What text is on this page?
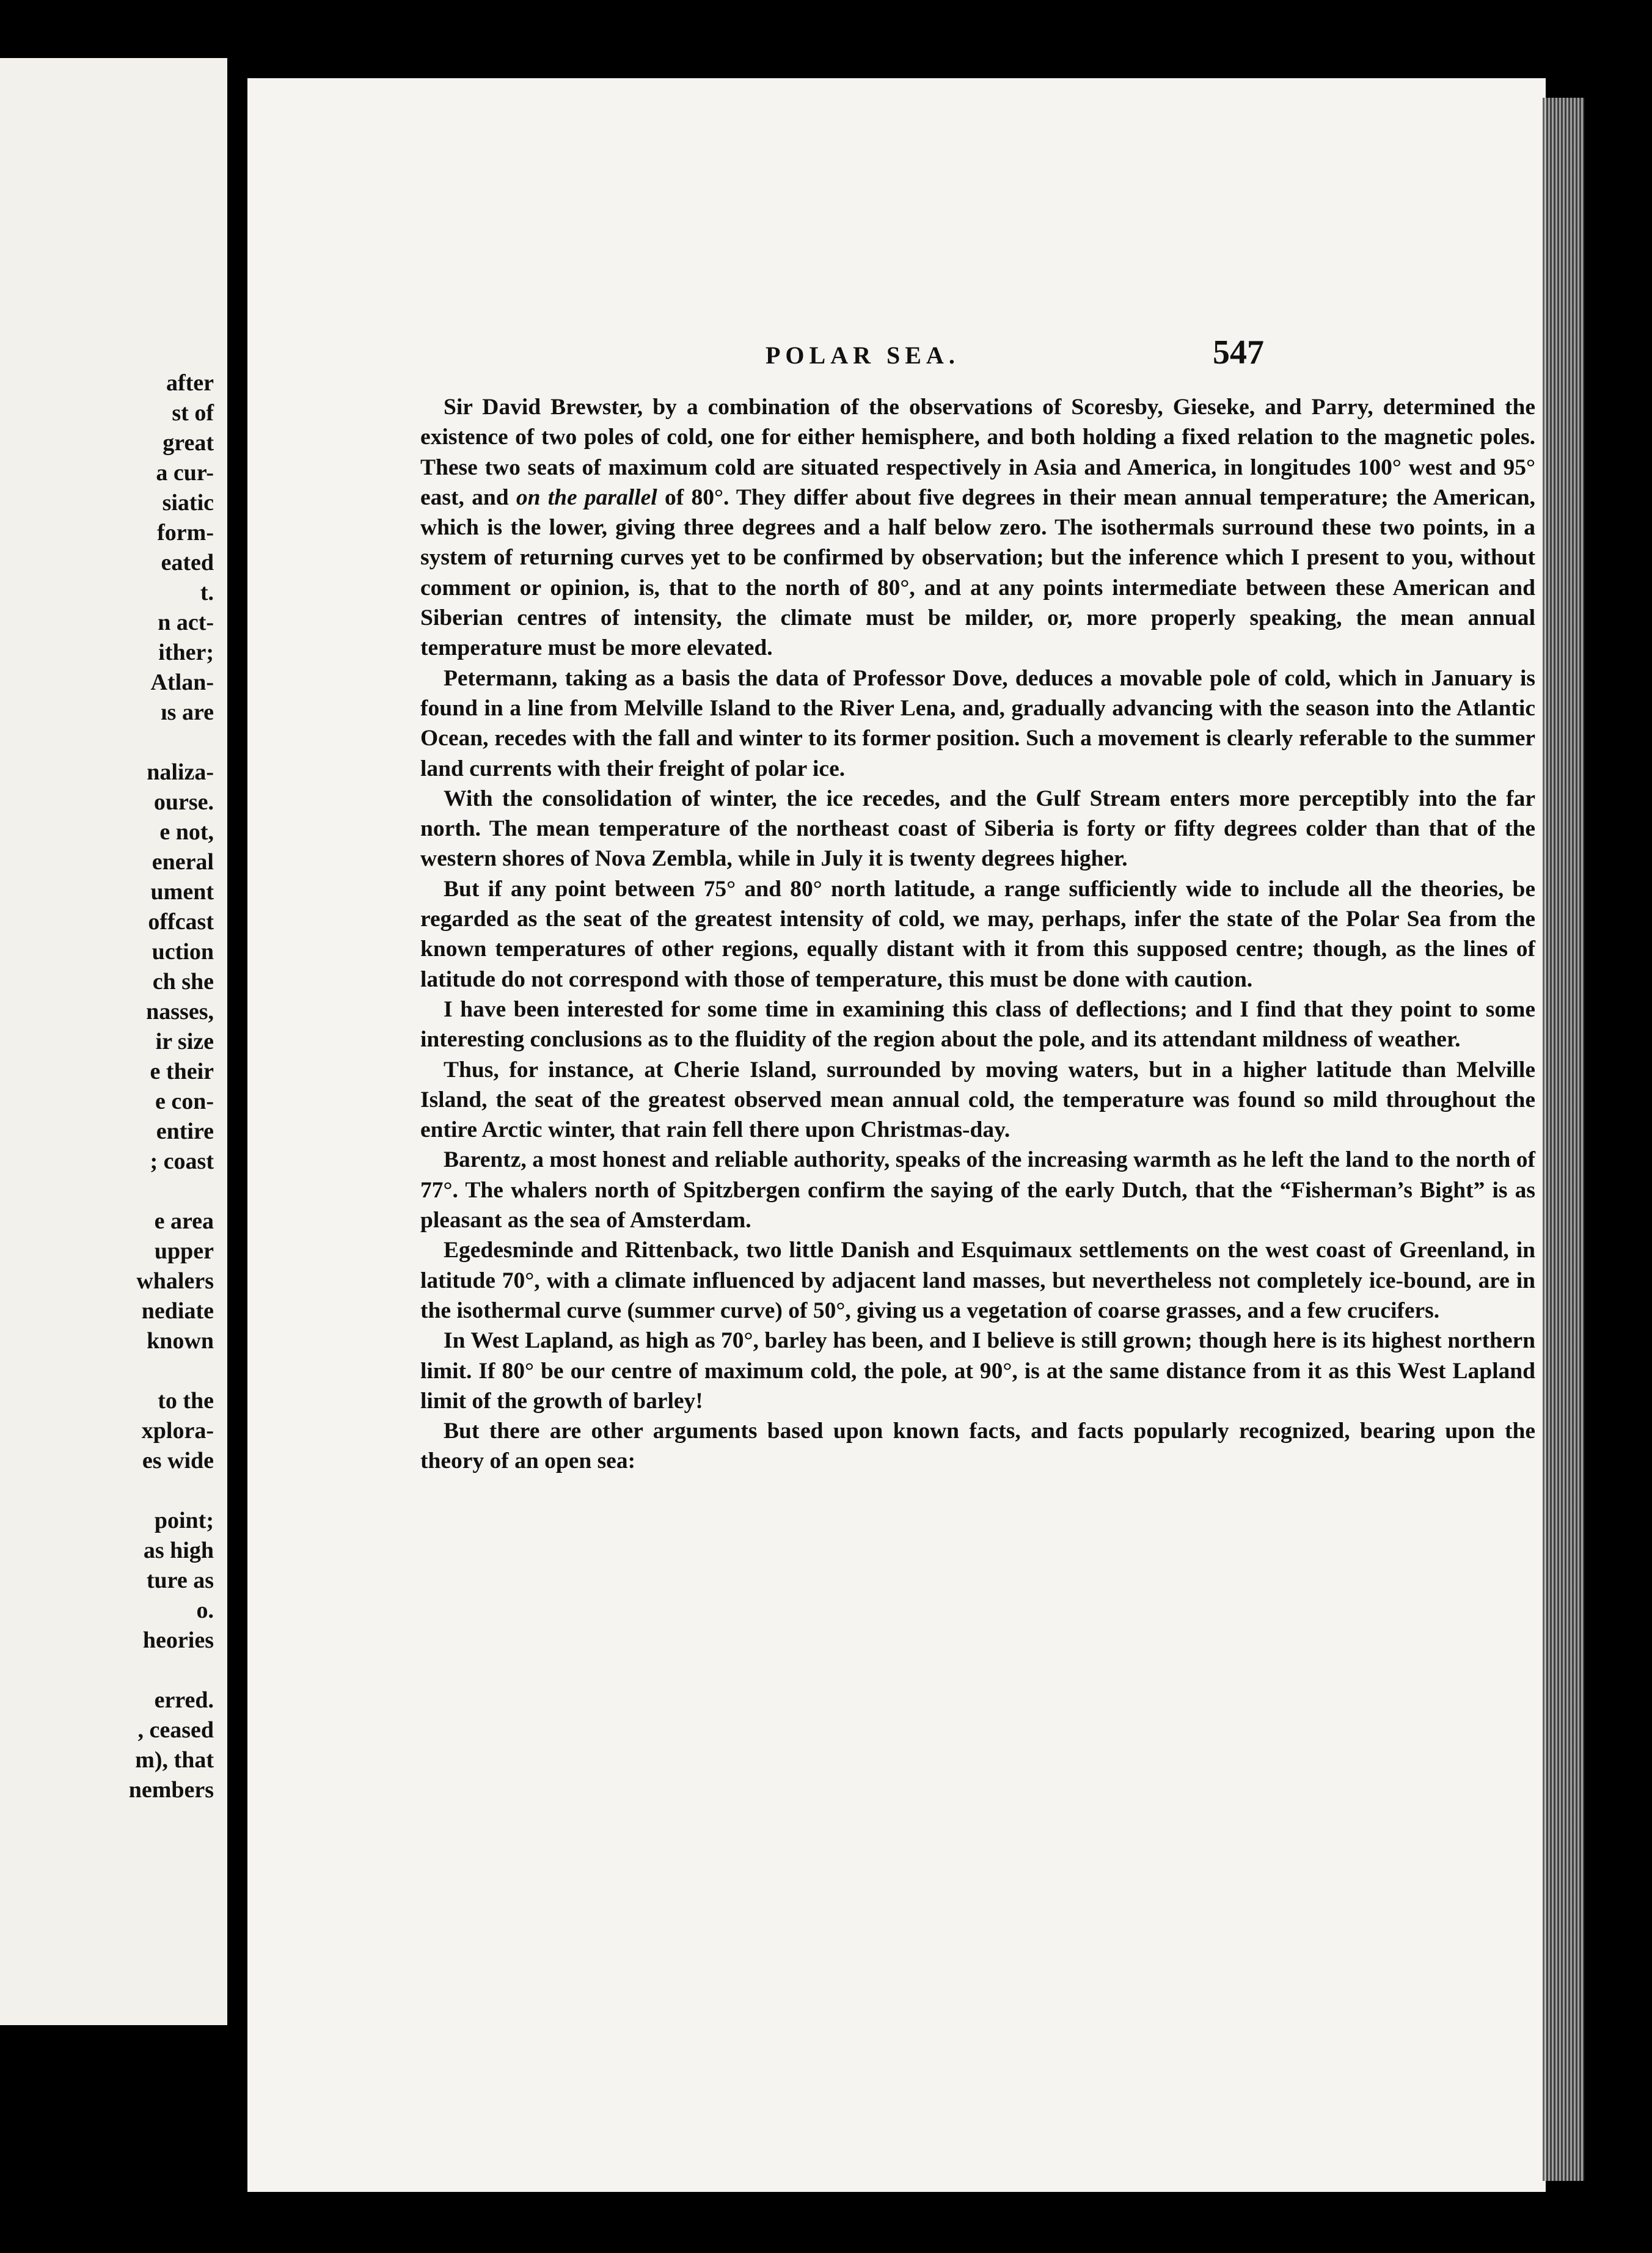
after

st of

great

a cur-

siatic

form-

eated

t.

n act-

ither;

Atlan-

ıs are

naliza-

ourse.

e not,

eneral

ument

offcast

uction

ch she

nasses,

ir size

e their

e con-

entire

; coast

e area

upper

whalers

nediate

known

to the

xplora-

es wide

point;

as high

ture as

o.

heories

erred.

, ceased

m), that

nembers

POLAR SEA.	547

Sir David Brewster, by a combination of the observations of Scoresby, Gieseke, and Parry, determined the existence of two poles of cold, one for either hemisphere, and both holding a fixed relation to the magnetic poles. These two seats of maximum cold are situated respectively in Asia and America, in longitudes 100° west and 95° east, and on the parallel of 80°. They differ about five degrees in their mean annual temperature; the American, which is the lower, giving three degrees and a half below zero. The isothermals surround these two points, in a system of returning curves yet to be confirmed by observation; but the inference which I present to you, without comment or opinion, is, that to the north of 80°, and at any points intermediate between these American and Siberian centres of intensity, the climate must be milder, or, more properly speaking, the mean annual temperature must be more elevated.

Petermann, taking as a basis the data of Professor Dove, deduces a movable pole of cold, which in January is found in a line from Melville Island to the River Lena, and, gradually advancing with the season into the Atlantic Ocean, recedes with the fall and winter to its former position. Such a movement is clearly referable to the summer land currents with their freight of polar ice.

With the consolidation of winter, the ice recedes, and the Gulf Stream enters more perceptibly into the far north. The mean temperature of the northeast coast of Siberia is forty or fifty degrees colder than that of the western shores of Nova Zembla, while in July it is twenty degrees higher.

But if any point between 75° and 80° north latitude, a range sufficiently wide to include all the theories, be regarded as the seat of the greatest intensity of cold, we may, perhaps, infer the state of the Polar Sea from the known temperatures of other regions, equally distant with it from this supposed centre; though, as the lines of latitude do not correspond with those of temperature, this must be done with caution.

I have been interested for some time in examining this class of deflections; and I find that they point to some interesting conclusions as to the fluidity of the region about the pole, and its attendant mildness of weather.

Thus, for instance, at Cherie Island, surrounded by moving waters, but in a higher latitude than Melville Island, the seat of the greatest observed mean annual cold, the temperature was found so mild throughout the entire Arctic winter, that rain fell there upon Christmas-day.

Barentz, a most honest and reliable authority, speaks of the increasing warmth as he left the land to the north of 77°. The whalers north of Spitzbergen confirm the saying of the early Dutch, that the “Fisherman’s Bight” is as pleasant as the sea of Amsterdam.

Egedesminde and Rittenback, two little Danish and Esquimaux settlements on the west coast of Greenland, in latitude 70°, with a climate influenced by adjacent land masses, but nevertheless not completely ice-bound, are in the isothermal curve (summer curve) of 50°, giving us a vegetation of coarse grasses, and a few crucifers.

In West Lapland, as high as 70°, barley has been, and I believe is still grown; though here is its highest northern limit. If 80° be our centre of maximum cold, the pole, at 90°, is at the same distance from it as this West Lapland limit of the growth of barley!

But there are other arguments based upon known facts, and facts popularly recognized, bearing upon the theory of an open sea:
